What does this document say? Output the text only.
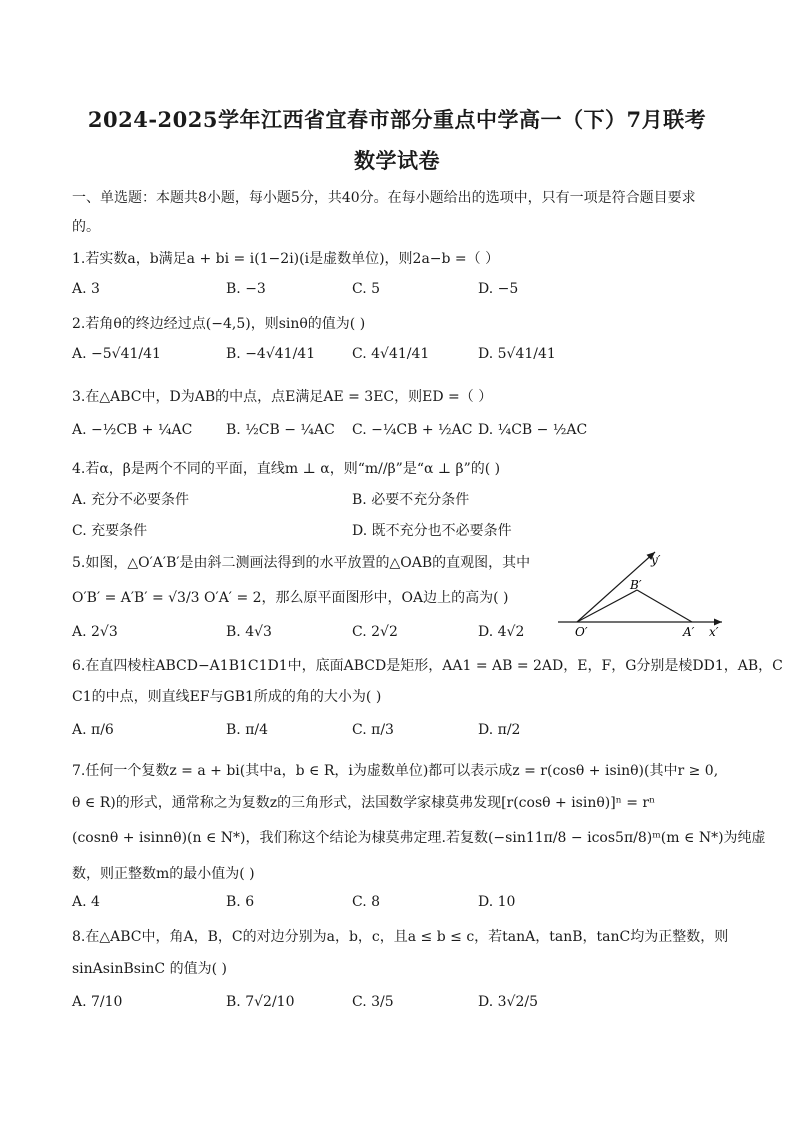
2024-2025学年江西省宜春市部分重点中学高一（下）7月联考
数学试卷
一、单选题：本题共8小题，每小题5分，共40分。在每小题给出的选项中，只有一项是符合题目要求
的。
1.若实数a，b满足a + bi = i(1−2i)(i是虚数单位)，则2a−b =（ ）
A. 3	B. −3	C. 5	D. −5
2.若角θ的终边经过点(−4,5)，则sinθ的值为( )
A. −5√41/41	B. −4√41/41	C. 4√41/41	D. 5√41/41
3.在△ABC中，D为AB的中点，点E满足AE = 3EC，则ED =（ ）
A. −½CB + ¼AC B. ½CB − ¼AC C. −¼CB + ½AC D. ¼CB − ½AC
4.若α，β是两个不同的平面，直线m ⊥ α，则“m//β”是“α ⊥ β”的( )
A. 充分不必要条件	B. 必要不充分条件
C. 充要条件	D. 既不充分也不必要条件
5.如图，△O′A′B′是由斜二测画法得到的水平放置的△OAB的直观图，其中
O′B′ = A′B′ = √3/3 O′A′ = 2，那么原平面图形中，OA边上的高为( )
A. 2√3	B. 4√3	C. 2√2	D. 4√2
y′
B′
O′	A′ x′
6.在直四棱柱ABCD−A1B1C1D1中，底面ABCD是矩形，AA1 = AB = 2AD，E，F，G分别是棱DD1，AB，C
C1的中点，则直线EF与GB1所成的角的大小为( )
A. π/6	B. π/4	C. π/3	D. π/2
7.任何一个复数z = a + bi(其中a，b ∈ R，i为虚数单位)都可以表示成z = r(cosθ + isinθ)(其中r ≥ 0,
θ ∈ R)的形式，通常称之为复数z的三角形式，法国数学家棣莫弗发现[r(cosθ + isinθ)]ⁿ = rⁿ
(cosnθ + isinnθ)(n ∈ N*)，我们称这个结论为棣莫弗定理.若复数(−sin11π/8 − icos5π/8)ᵐ(m ∈ N*)为纯虚
数，则正整数m的最小值为( )
A. 4	B. 6	C. 8	D. 10
8.在△ABC中，角A，B，C的对边分别为a，b，c，且a ≤ b ≤ c，若tanA，tanB，tanC均为正整数，则
sinAsinBsinC 的值为( )
A. 7/10	B. 7√2/10	C. 3/5	D. 3√2/5
